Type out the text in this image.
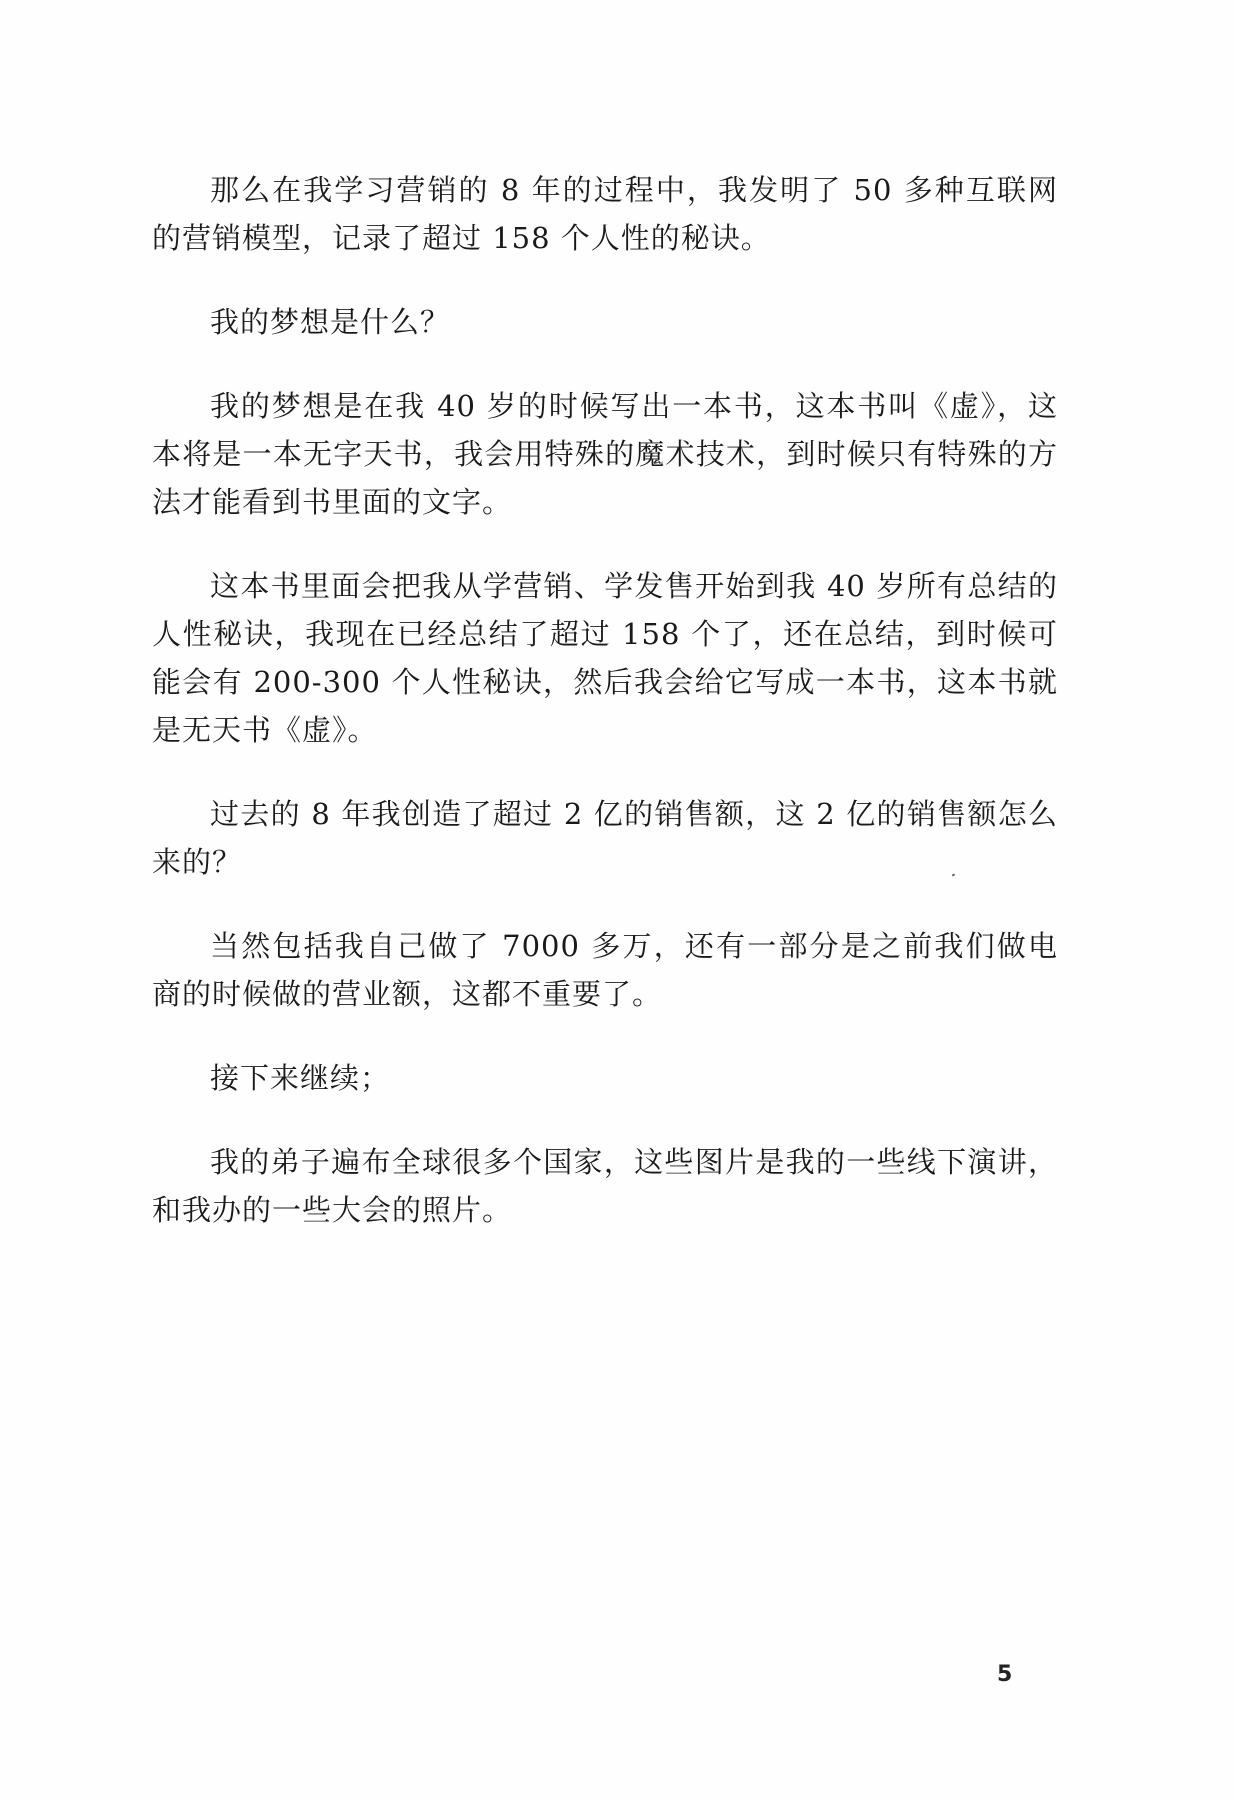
那么在我学习营销的 8 年的过程中，我发明了 50 多种互联网的营销模型，记录了超过 158 个人性的秘诀。

我的梦想是什么？

我的梦想是在我 40 岁的时候写出一本书，这本书叫《虚》，这本将是一本无字天书，我会用特殊的魔术技术，到时候只有特殊的方法才能看到书里面的文字。

这本书里面会把我从学营销、学发售开始到我 40 岁所有总结的人性秘诀，我现在已经总结了超过 158 个了，还在总结，到时候可能会有 200-300 个人性秘诀，然后我会给它写成一本书，这本书就是无天书《虚》。

过去的 8 年我创造了超过 2 亿的销售额，这 2 亿的销售额怎么来的？

当然包括我自己做了 7000 多万，还有一部分是之前我们做电商的时候做的营业额，这都不重要了。

接下来继续；

我的弟子遍布全球很多个国家，这些图片是我的一些线下演讲，和我办的一些大会的照片。

5
